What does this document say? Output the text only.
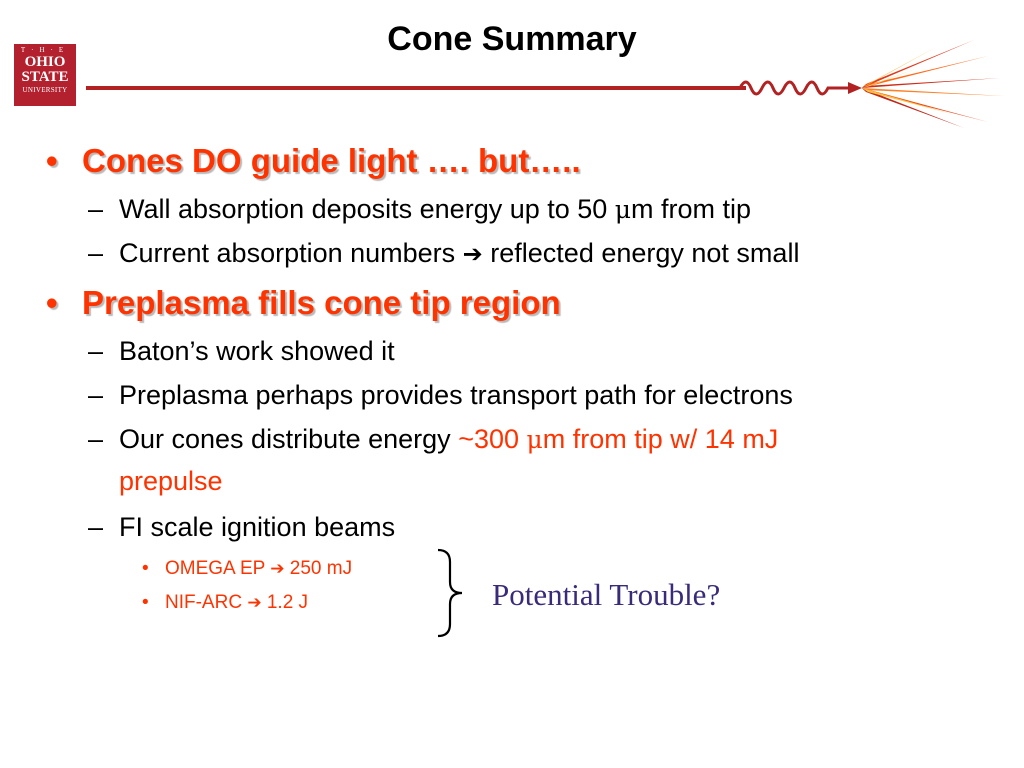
Cone Summary
T·H·E
OHIO
STATE
UNIVERSITY
• Cones DO guide light …. but…..
– Wall absorption deposits energy up to 50 μm from tip
– Current absorption numbers ➔ reflected energy not small
• Preplasma fills cone tip region
– Baton’s work showed it
– Preplasma perhaps provides transport path for electrons
– Our cones distribute energy ~300 μm from tip w/ 14 mJ
prepulse
– FI scale ignition beams
• OMEGA EP ➔ 250 mJ
• NIF-ARC ➔ 1.2 J	Potential Trouble?
